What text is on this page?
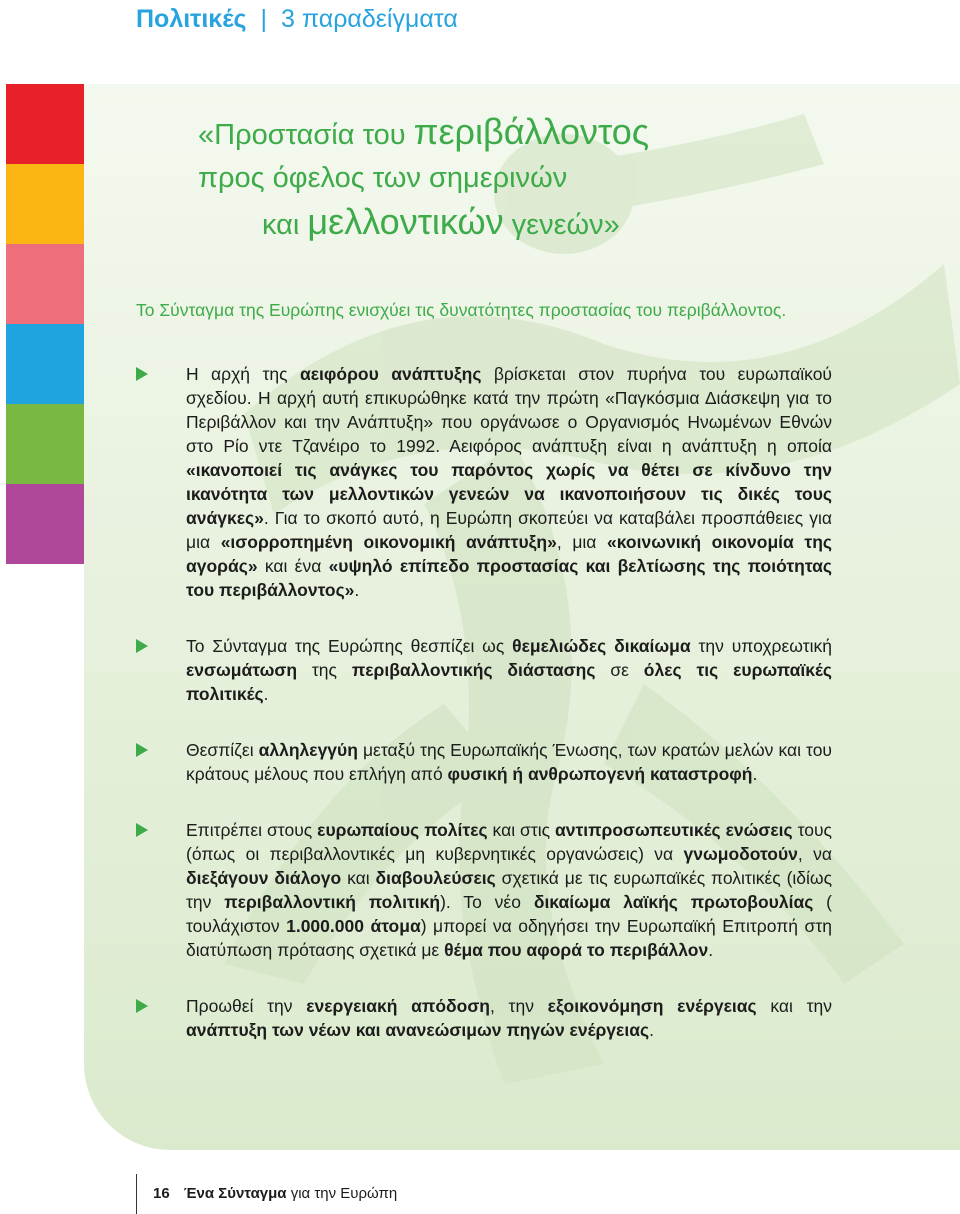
Πολιτικές | 3 παραδείγματα
«Προστασία του περιβάλλοντος
προς όφελος των σημερινών
και μελλοντικών γενεών»

Το Σύνταγμα της Ευρώπης ενισχύει τις δυνατότητες προστασίας του περιβάλλοντος.

Η αρχή της αειφόρου ανάπτυξης βρίσκεται στον πυρήνα του ευρωπαϊκού σχεδίου. Η αρχή αυτή επικυρώθηκε κατά την πρώτη «Παγκόσμια Διάσκεψη για το Περιβάλλον και την Ανάπτυξη» που οργάνωσε ο Οργανισμός Ηνωμένων Εθνών στο Ρίο ντε Τζανέιρο το 1992. Αειφόρος ανάπτυξη είναι η ανάπτυξη η οποία «ικανοποιεί τις ανάγκες του παρόντος χωρίς να θέτει σε κίνδυνο την ικανότητα των μελλοντικών γενεών να ικανοποιήσουν τις δικές τους ανάγκες». Για το σκοπό αυτό, η Ευρώπη σκοπεύει να καταβάλει προσπάθειες για μια «ισορροπημένη οικονομική ανάπτυξη», μια «κοινωνική οικονομία της αγοράς» και ένα «υψηλό επίπεδο προστασίας και βελτίωσης της ποιότητας του περιβάλλοντος».
Το Σύνταγμα της Ευρώπης θεσπίζει ως θεμελιώδες δικαίωμα την υποχρεωτική ενσωμάτωση της περιβαλλοντικής διάστασης σε όλες τις ευρωπαϊκές πολιτικές.
Θεσπίζει αλληλεγγύη μεταξύ της Ευρωπαϊκής Ένωσης, των κρατών μελών και του κράτους μέλους που επλήγη από φυσική ή ανθρωπογενή καταστροφή.
Επιτρέπει στους ευρωπαίους πολίτες και στις αντιπροσωπευτικές ενώσεις τους (όπως οι περιβαλλοντικές μη κυβερνητικές οργανώσεις) να γνωμοδοτούν, να διεξάγουν διάλογο και διαβουλεύσεις σχετικά με τις ευρωπαϊκές πολιτικές (ιδίως την περιβαλλοντική πολιτική). Το νέο δικαίωμα λαϊκής πρωτοβουλίας ( τουλάχιστον 1.000.000 άτομα) μπορεί να οδηγήσει την Ευρωπαϊκή Επιτροπή στη διατύπωση πρότασης σχετικά με θέμα που αφορά το περιβάλλον.
Προωθεί την ενεργειακή απόδοση, την εξοικονόμηση ενέργειας και την ανάπτυξη των νέων και ανανεώσιμων πηγών ενέργειας.
16 Ένα Σύνταγμα για την Ευρώπη
